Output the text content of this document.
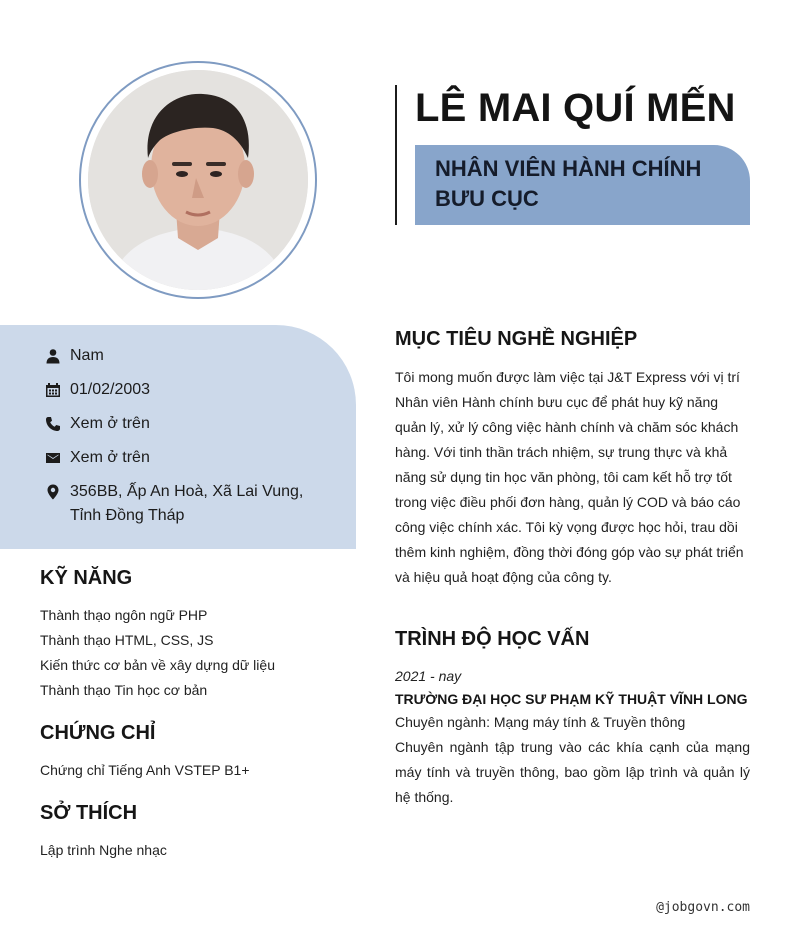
LÊ MAI QUÍ MẾN
NHÂN VIÊN HÀNH CHÍNH
BƯU CỤC
Nam
01/02/2003
Xem ở trên
Xem ở trên
356BB, Ấp An Hoà, Xã Lai Vung,
Tỉnh Đồng Tháp
KỸ NĂNG
Thành thạo ngôn ngữ PHP
Thành thạo HTML, CSS, JS
Kiến thức cơ bản về xây dựng dữ liệu
Thành thạo Tin học cơ bản
CHỨNG CHỈ
Chứng chỉ Tiếng Anh VSTEP B1+
SỞ THÍCH
Lập trình Nghe nhạc
MỤC TIÊU NGHỀ NGHIỆP
Tôi mong muốn được làm việc tại J&T Express với vị trí Nhân viên Hành chính bưu cục để phát huy kỹ năng quản lý, xử lý công việc hành chính và chăm sóc khách hàng. Với tinh thần trách nhiệm, sự trung thực và khả năng sử dụng tin học văn phòng, tôi cam kết hỗ trợ tốt trong việc điều phối đơn hàng, quản lý COD và báo cáo công việc chính xác. Tôi kỳ vọng được học hỏi, trau dồi thêm kinh nghiệm, đồng thời đóng góp vào sự phát triển và hiệu quả hoạt động của công ty.
TRÌNH ĐỘ HỌC VẤN
2021 - nay
TRƯỜNG ĐẠI HỌC SƯ PHẠM KỸ THUẬT VĨNH LONG
Chuyên ngành: Mạng máy tính & Truyền thông
Chuyên ngành tập trung vào các khía cạnh của mạng máy tính và truyền thông, bao gồm lập trình và quản lý hệ thống.
@jobgovn.com
